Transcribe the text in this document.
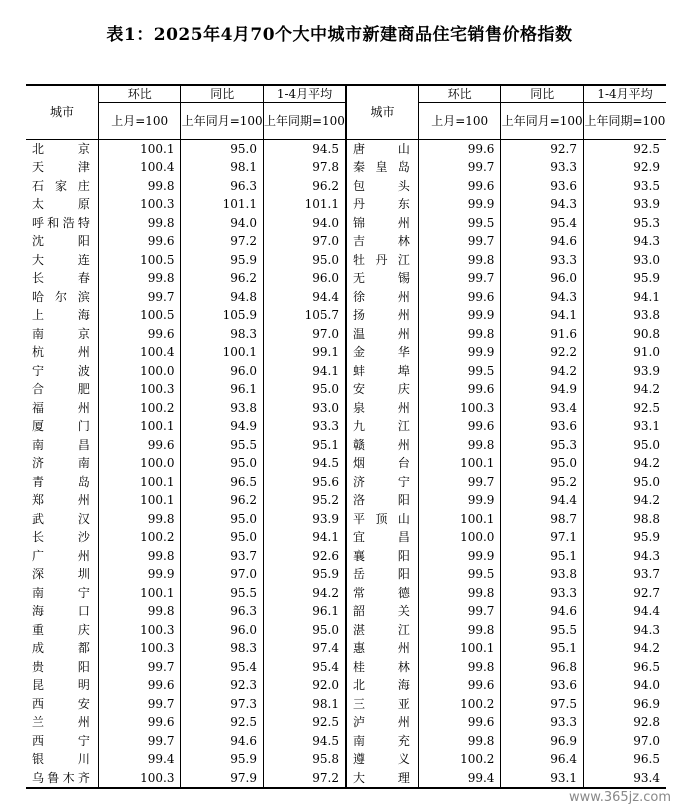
表1：2025年4月70个大中城市新建商品住宅销售价格指数
城市	环比	同比	1-4月平均	城市	环比	同比	1-4月平均
	上月=100	上年同月=100	上年同期=100		上月=100	上年同月=100	上年同期=100
北　京	100.1	95.0	94.5	唐　山	99.6	92.7	92.5
天　津	100.4	98.1	97.8	秦皇岛	99.7	93.3	92.9
石家庄	99.8	96.3	96.2	包　头	99.6	93.6	93.5
太　原	100.3	101.1	101.1	丹　东	99.9	94.3	93.9
呼和浩特	99.8	94.0	94.0	锦　州	99.5	95.4	95.3
沈　阳	99.6	97.2	97.0	吉　林	99.7	94.6	94.3
大　连	100.5	95.9	95.0	牡丹江	99.8	93.3	93.0
长　春	99.8	96.2	96.0	无　锡	99.7	96.0	95.9
哈尔滨	99.7	94.8	94.4	徐　州	99.6	94.3	94.1
上　海	100.5	105.9	105.7	扬　州	99.9	94.1	93.8
南　京	99.6	98.3	97.0	温　州	99.8	91.6	90.8
杭　州	100.4	100.1	99.1	金　华	99.9	92.2	91.0
宁　波	100.0	96.0	94.1	蚌　埠	99.5	94.2	93.9
合　肥	100.3	96.1	95.0	安　庆	99.6	94.9	94.2
福　州	100.2	93.8	93.0	泉　州	100.3	93.4	92.5
厦　门	100.1	94.9	93.3	九　江	99.6	93.6	93.1
南　昌	99.6	95.5	95.1	赣　州	99.8	95.3	95.0
济　南	100.0	95.0	94.5	烟　台	100.1	95.0	94.2
青　岛	100.1	96.5	95.6	济　宁	99.7	95.2	95.0
郑　州	100.1	96.2	95.2	洛　阳	99.9	94.4	94.2
武　汉	99.8	95.0	93.9	平顶山	100.1	98.7	98.8
长　沙	100.2	95.0	94.1	宜　昌	100.0	97.1	95.9
广　州	99.8	93.7	92.6	襄　阳	99.9	95.1	94.3
深　圳	99.9	97.0	95.9	岳　阳	99.5	93.8	93.7
南　宁	100.1	95.5	94.2	常　德	99.8	93.3	92.7
海　口	99.8	96.3	96.1	韶　关	99.7	94.6	94.4
重　庆	100.3	96.0	95.0	湛　江	99.8	95.5	94.3
成　都	100.3	98.3	97.4	惠　州	100.1	95.1	94.2
贵　阳	99.7	95.4	95.4	桂　林	99.8	96.8	96.5
昆　明	99.6	92.3	92.0	北　海	99.6	93.6	94.0
西　安	99.7	97.3	98.1	三　亚	100.2	97.5	96.9
兰　州	99.6	92.5	92.5	泸　州	99.6	93.3	92.8
西　宁	99.7	94.6	94.5	南　充	99.8	96.9	97.0
银　川	99.4	95.9	95.8	遵　义	100.2	96.4	96.5
乌鲁木齐	100.3	97.9	97.2	大　理	99.4	93.1	93.4
www.365jz.com
